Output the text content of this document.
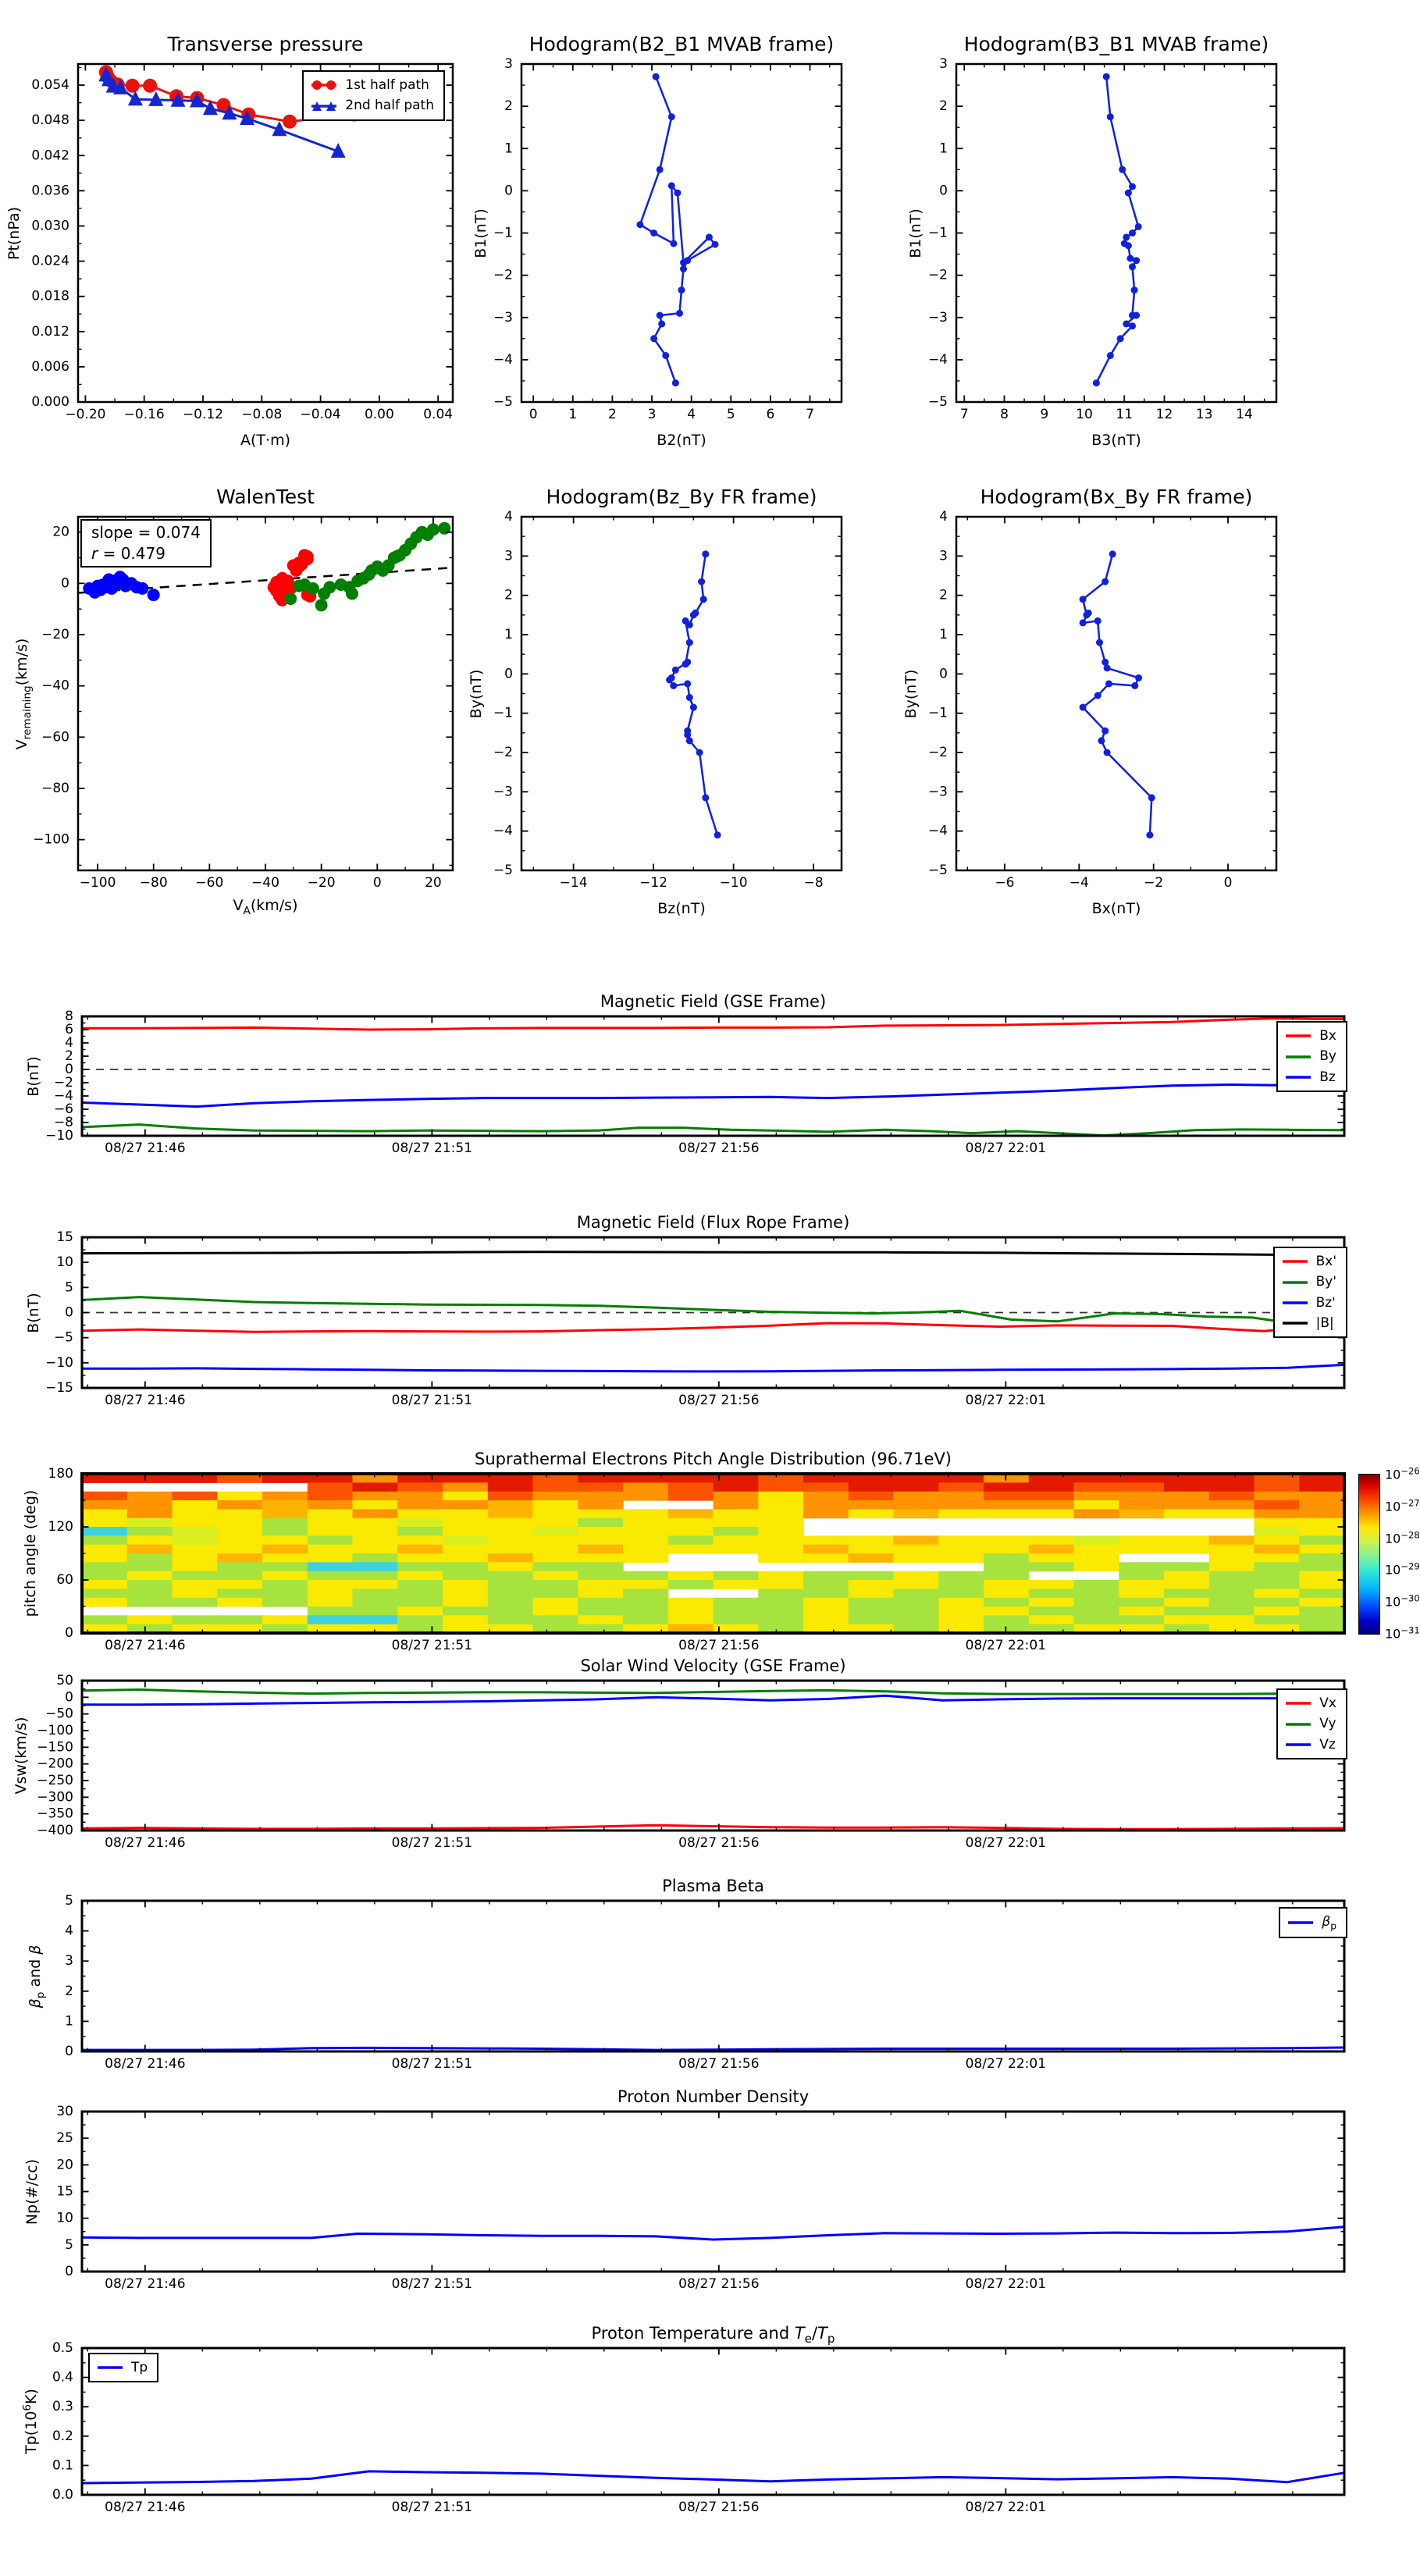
Transverse pressure
Pt(nPa)
−0.20 −0.16 −0.12 −0.08 −0.04 0.00 0.04
0.054
0.048
0.042
0.036
0.030
0.024
0.018
0.012
0.006
0.000
A(T·m)
1st half path
2nd half path
Hodogram(B2_B1 MVAB frame)
B1(nT)
0 1 2 3 4 5 6 7
3
2
1
0
−1
−2
−3
−4
−5
B2(nT)
Hodogram(B3_B1 MVAB frame)
B1(nT)
7 8 9 10 11 12 13 14
3
2
1
0
−1
−2
−3
−4
−5
B3(nT)
WalenTest
$V_{remaining}(km/s)$
−100 −80 −60 −40 −20	0	20
20
0
−20
−40
−60
−80
−100
$V_A(km/s)$
slope = 0.074
r = 0.479
Hodogram(Bz_By FR frame)
By(nT)
−14	−12	−10	−8
4
3
2
1
0
−1
−2
−3
−4
−5
Bz(nT)
Hodogram(Bx_By FR frame)
By(nT)
−6	−4	−2	0
4
3
2
1
0
−1
−2
−3
−4
−5
Bx(nT)
Magnetic Field (GSE Frame)
B(nT)
08/27 21:46	08/27 21:51	08/27 21:56	08/27 22:01
8
6
4
2
0
−2
−4
−6
−8
−10
Bx
By
Bz
Magnetic Field (Flux Rope Frame)
B(nT)
08/27 21:46	08/27 21:51	08/27 21:56	08/27 22:01
15
10
5
0
−5
−10
−15
Bx'
By'
Bz'
|B|
Suprathermal Electrons Pitch Angle Distribution (96.71eV)
pitch angle (deg)
08/27 21:46	08/27 21:51	08/27 21:56	08/27 22:01
180
120
60
0
$10^{-26}$
$10^{-27}$
$10^{-28}$
$10^{-29}$
$10^{-30}$
$10^{-31}$
Solar Wind Velocity (GSE Frame)
Vsw(km/s)
08/27 21:46	08/27 21:51	08/27 21:56	08/27 22:01
50
0
−50
−100
−150
−200
−250
−300
−350
−400
Vx
Vy
Vz
Plasma Beta
$\beta_p$ and β
08/27 21:46	08/27 21:51	08/27 21:56	08/27 22:01
5
4
3
2
1
0
$\beta_p$
Proton Number Density
Np(#/cc)
08/27 21:46	08/27 21:51	08/27 21:56	08/27 22:01
30
25
20
15
10
5
0
Proton Temperature and $T_e/T_p$
$Tp(10^6K)$
08/27 21:46	08/27 21:51	08/27 21:56	08/27 22:01
0.5
0.4
0.3
0.2
0.1
0.0
Tp
